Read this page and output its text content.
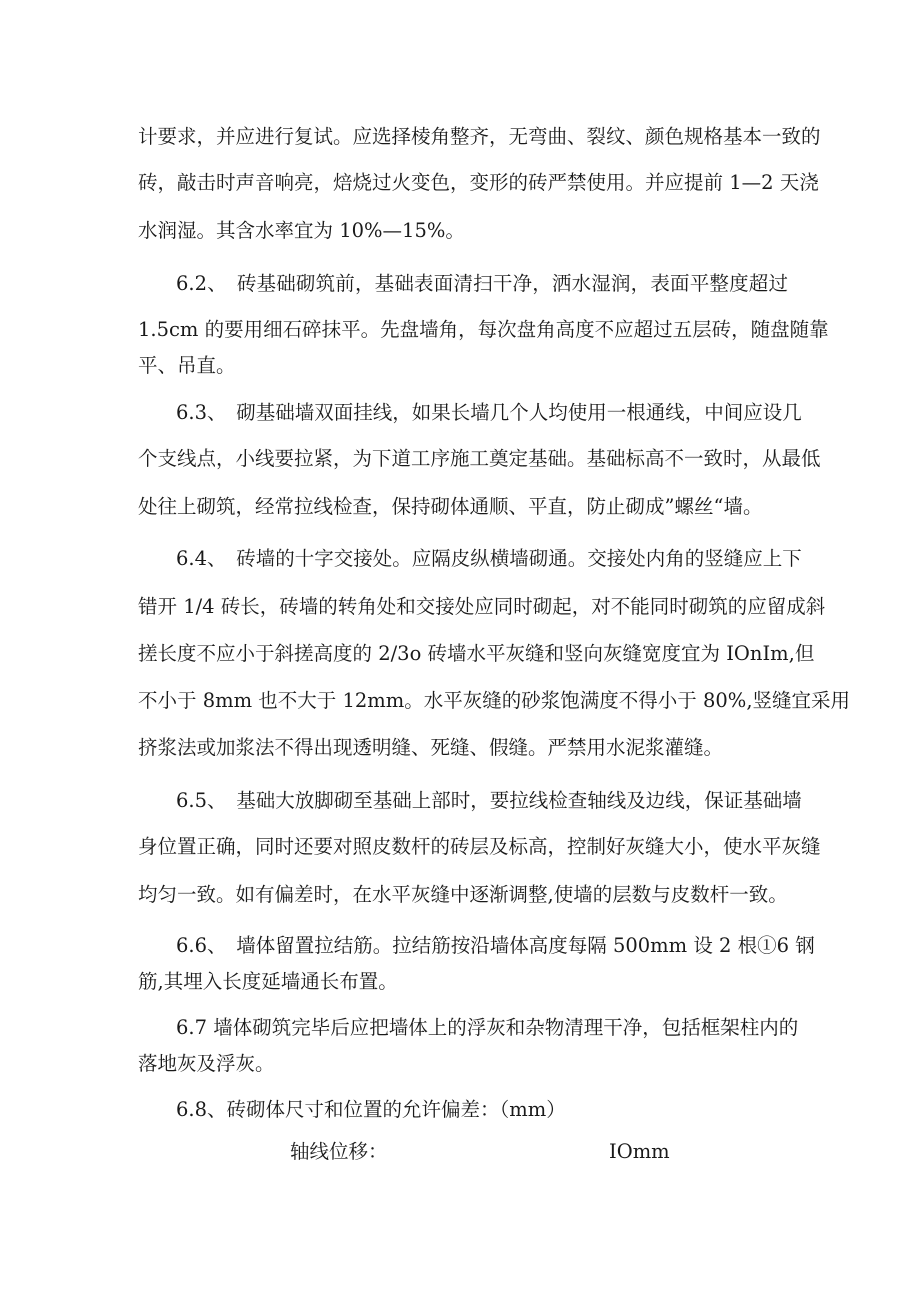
计要求，并应进行复试。应选择棱角整齐，无弯曲、裂纹、颜色规格基本一致的
砖，敲击时声音响亮，焙烧过火变色，变形的砖严禁使用。并应提前 1—2 天浇
水润湿。其含水率宜为 10%—15%。
6.2、　砖基础砌筑前，基础表面清扫干净，洒水湿润，表面平整度超过
1.5cm 的要用细石碎抹平。先盘墙角，每次盘角高度不应超过五层砖，随盘随靠
平、吊直。
6.3、　砌基础墙双面挂线，如果长墙几个人均使用一根通线，中间应设几
个支线点，小线要拉紧，为下道工序施工奠定基础。基础标高不一致时，从最低
处往上砌筑，经常拉线检查，保持砌体通顺、平直，防止砌成”螺丝“墙。
6.4、　砖墙的十字交接处。应隔皮纵横墙砌通。交接处内角的竖缝应上下
错开 1/4 砖长，砖墙的转角处和交接处应同时砌起，对不能同时砌筑的应留成斜
搓长度不应小于斜搓高度的 2/3o 砖墙水平灰缝和竖向灰缝宽度宜为 IOnIm,但
不小于 8mm 也不大于 12mm。水平灰缝的砂浆饱满度不得小于 80%,竖缝宜采用
挤浆法或加浆法不得出现透明缝、死缝、假缝。严禁用水泥浆灌缝。
6.5、　基础大放脚砌至基础上部时，要拉线检查轴线及边线，保证基础墙
身位置正确，同时还要对照皮数杆的砖层及标高，控制好灰缝大小，使水平灰缝
均匀一致。如有偏差时，在水平灰缝中逐渐调整,使墙的层数与皮数杆一致。
6.6、　墙体留置拉结筋。拉结筋按沿墙体高度每隔 500mm 设 2 根①6 钢
筋,其埋入长度延墙通长布置。
6.7 墙体砌筑完毕后应把墙体上的浮灰和杂物清理干净，包括框架柱内的
落地灰及浮灰。
6.8、砖砌体尺寸和位置的允许偏差：（mm）
轴线位移：	IOmm
